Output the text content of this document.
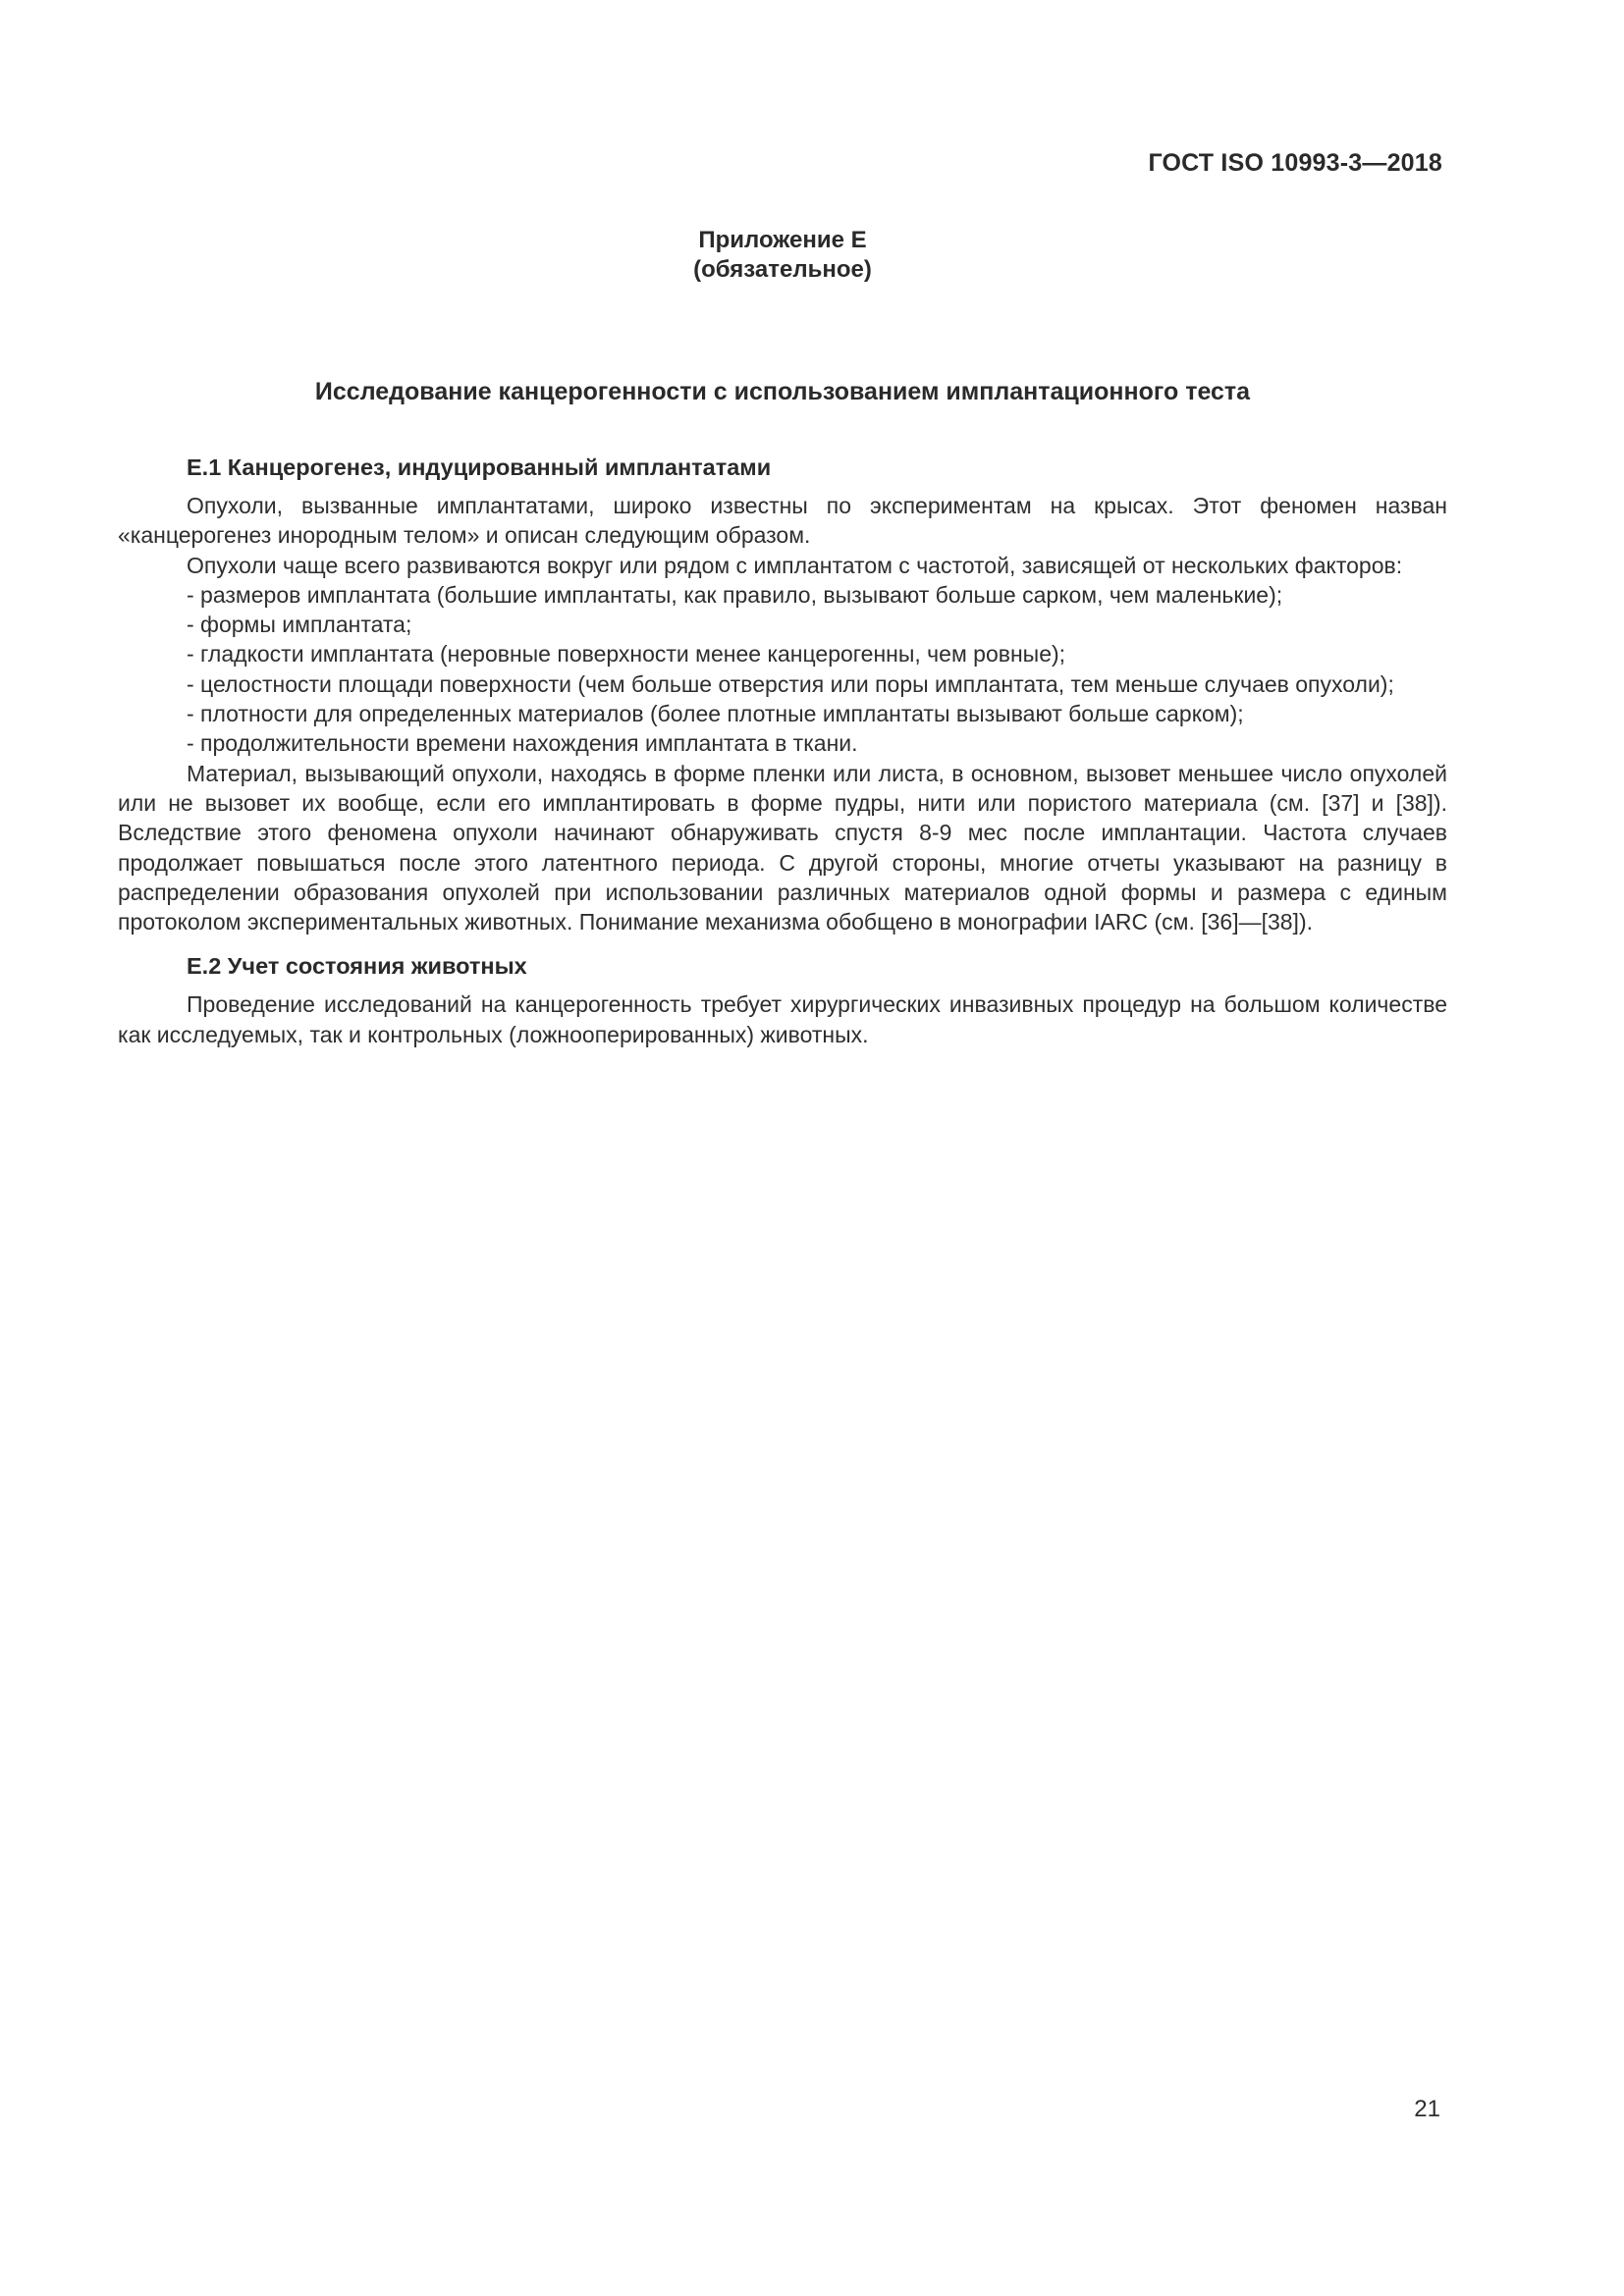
ГОСТ ISO 10993-3—2018
Приложение E
(обязательное)
Исследование канцерогенности с использованием имплантационного теста
E.1 Канцерогенез, индуцированный имплантатами

Опухоли, вызванные имплантатами, широко известны по экспериментам на крысах. Этот феномен назван «канцерогенез инородным телом» и описан следующим образом.

Опухоли чаще всего развиваются вокруг или рядом с имплантатом с частотой, зависящей от нескольких факторов:

- размеров имплантата (большие имплантаты, как правило, вызывают больше сарком, чем маленькие);
- формы имплантата;
- гладкости имплантата (неровные поверхности менее канцерогенны, чем ровные);
- целостности площади поверхности (чем больше отверстия или поры имплантата, тем меньше случаев опухоли);
- плотности для определенных материалов (более плотные имплантаты вызывают больше сарком);
- продолжительности времени нахождения имплантата в ткани.

Материал, вызывающий опухоли, находясь в форме пленки или листа, в основном, вызовет меньшее число опухолей или не вызовет их вообще, если его имплантировать в форме пудры, нити или пористого материала (см. [37] и [38]). Вследствие этого феномена опухоли начинают обнаруживать спустя 8-9 мес после имплантации. Частота случаев продолжает повышаться после этого латентного периода. С другой стороны, многие отчеты указывают на разницу в распределении образования опухолей при использовании различных материалов одной формы и размера с единым протоколом экспериментальных животных. Понимание механизма обобщено в монографии IARC (см. [36]—[38]).

E.2 Учет состояния животных

Проведение исследований на канцерогенность требует хирургических инвазивных процедур на большом количестве как исследуемых, так и контрольных (ложнооперированных) животных.

21
